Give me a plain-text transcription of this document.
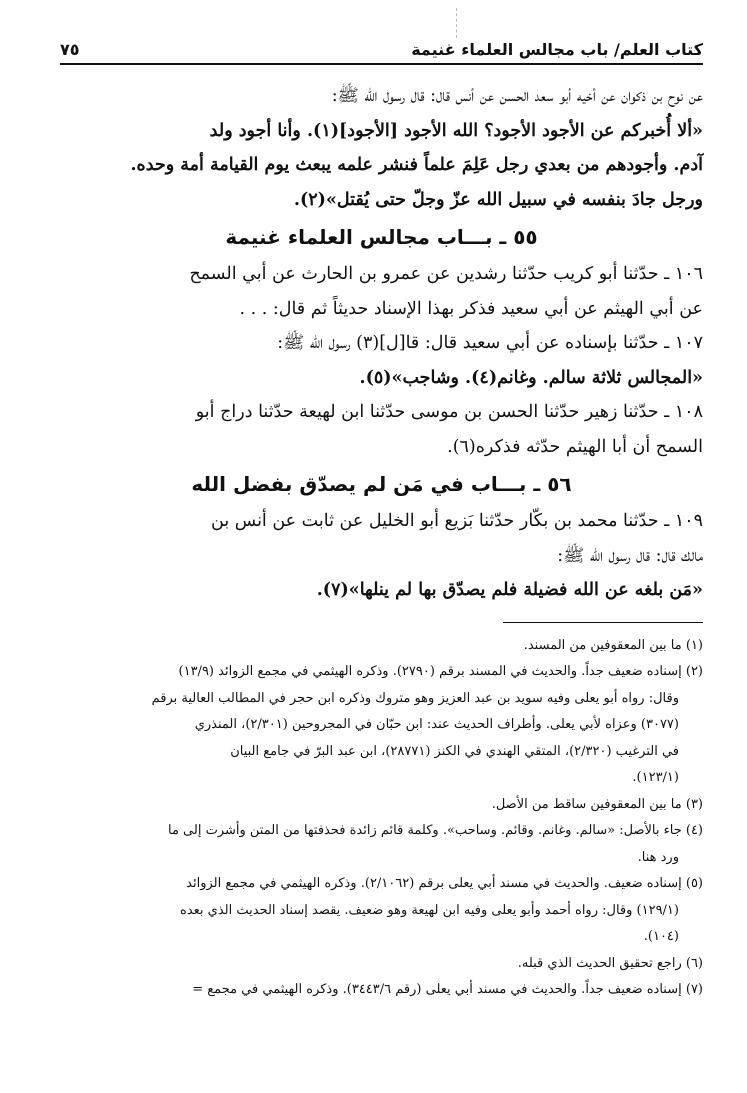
كتاب العلم/ باب مجالس العلماء غنيمة
٧٥

عن نوح بن ذكوان عن أخيه أبو سعد الحسن عن أنس قال: قال رسول الله ﷺ:

«ألا أُخبركم عن الأجود الأجود؟ الله الأجود [الأجود](١). وأنا أجود ولد

آدم. وأجودهم من بعدي رجل عَلِمَ علماً فنشر علمه يبعث يوم القيامة أمة وحده.

ورجل جادَ بنفسه في سبيل الله عزّ وجلّ حتى يُقتل»(٢).

٥٥ ـ بـــاب مجالس العلماء غنيمة

١٠٦ ـ حدّثنا أبو كريب حدّثنا رشدين عن عمرو بن الحارث عن أبي السمح

عن أبي الهيثم عن أبي سعيد فذكر بهذا الإسناد حديثاً ثم قال: . . .

١٠٧ ـ حدّثنا بإسناده عن أبي سعيد قال: قا[ل](٣) رسول الله ﷺ:

«المجالس ثلاثة سالم. وغانم(٤). وشاجب»(٥).

١٠٨ ـ حدّثنا زهير حدّثنا الحسن بن موسى حدّثنا ابن لهيعة حدّثنا دراج أبو

السمح أن أبا الهيثم حدّثه فذكره(٦).

٥٦ ـ بـــاب في مَن لم يصدّق بفضل الله

١٠٩ ـ حدّثنا محمد بن بكّار حدّثنا بَزيع أبو الخليل عن ثابت عن أنس بن

مالك قال: قال رسول الله ﷺ:

«مَن بلغه عن الله فضيلة فلم يصدّق بها لم ينلها»(٧).

(١) ما بين المعقوفين من المسند.

(٢) إسناده ضعيف جداً. والحديث في المسند برقم (٢٧٩٠). وذكره الهيثمي في مجمع الزوائد (١٣/٩)

وقال: رواه أبو يعلى وفيه سويد بن عبد العزيز وهو متروك وذكره ابن حجر في المطالب العالية برقم

(٣٠٧٧) وعزاه لأبي يعلى. وأطراف الحديث عند: ابن حبّان في المجروحين (٢/٣٠١)، المنذري

في الترغيب (٢/٣٢٠)، المتقي الهندي في الكنز (٢٨٧٧١)، ابن عبد البرّ في جامع البيان

(١٢٣/١).

(٣) ما بين المعقوفين ساقط من الأصل.

(٤) جاء بالأصل: «سالم. وغانم. وقائم. وساحب». وكلمة قائم زائدة فحذفتها من المتن وأشرت إلى ما

ورد هنا.

(٥) إسناده ضعيف. والحديث في مسند أبي يعلى برقم (٢/١٠٦٢). وذكره الهيثمي في مجمع الزوائد

(١٢٩/١) وقال: رواه أحمد وأبو يعلى وفيه ابن لهيعة وهو ضعيف. يقصد إسناد الحديث الذي بعده

(١٠٤).

(٦) راجع تحقيق الحديث الذي قبله.

(٧) إسناده ضعيف جداً. والحديث في مسند أبي يعلى (رقم ٣٤٤٣/٦). وذكره الهيثمي في مجمع =
